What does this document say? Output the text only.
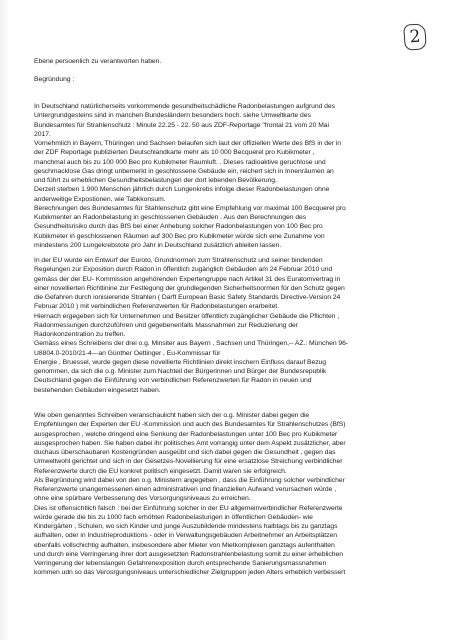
2
Ebene persoenlich zu verantworten haben.
Begründung :
In Deutschland natürlicherseits vorkommende gesundheitschädliche Radonbelastungen aufgrund des
Untergrundgesteins sind in manchen Bundesländern besonders hoch. siehe Umweltkarte des
Bundesamtes für Strahlenschutz : Minute 22.25 - 22. 50 aus ZDF-Reportage "frontal 21 vom 20 Mai
2017.
Vornehmlich in Bayern, Thüringen und Sachsen belaufen sich laut der offiziellen Werte des BfS in der in
der ZDF Reportage publizierten Deutschlandkarte mehr als 10 000 Becquerel pro Kubikmeter ,
manchmal auch bis zu 100 000 Bec pro Kubikmeter Raumluft. . Dieses radioaktive geruchlose und
geschmacklose Gas dringt unbemerkt in geschlossene Gebäude ein, reichert sich in Innenräumen an
und führt zu erheblichen Gesundheitsbelastungen der dort lebenden Bevölkerung.
Derzeit sterben 1.900 Menschen jährlich durch Lungenkrebs infolge dieser Radonbelastungen ohne
anderweitige Expostionen, wie Tabkkonsum.
Berechnungen des Bundesamtes für Stahlenschutz gibt eine Empfehlung vor maximal 100 Becquerel pro
Kubikmenter an Radonbelastung in geschlossenen Gebäuden . Aus den Berechnungen des
Gesundheitsrisiko durch das BfS bei einer Anhebung solcher Radonbelastungen von 100 Bec pro
Kubikmeter in geschlossenen Räumen auf 300 Bec pro Kubikmeter würde sich eine Zunahme von
mindestens 200 Lungekrebstote pro Jahr in Deutschland zusätzlich ableiten lassen.
In der EU wurde ein Entwurf der Euroto, Grundnormen zum Strahlenschutz und seiner bindenden
Regelungen zur Exposition durch Radon in öffentlich zugänglich Gebäuden am 24 Februar 2010 und
gemäss der der EU- Kommission angehörenden Expertengruppe nach Artikel 31 des Euratomvertrag in
einer novellierten Richtlinine zur Festlegung der grundlegenden Sicherheitsnormen für den Schutz gegen
die Gefahren durch ionisierende Strahlen ( Darft European Basic Safety Standards Directive-Version 24
Februar 2010 ) mit verbindlichen Referenzwerten für Radonbelastungen erarbeitet.
Hiernach ergegeben sich für Unternehmen und Besitzer öffentlich zugänglicher Gebäude die Pflichten ,
Radonmessungen durchzuführen und gegebenenfalls Massnahmen zur Reduzierung der
Radonkonzentration zu treffen.
Gemäss eines Schreibens der drei o.g. Minsiter aus Bayern , Sachsen und Thüringen,-- AZ.: München 96-
U8804.0-2010/21-4---an Günther Oettinger , Eu-Kommissar für
Energie , Bruessel, wurde gegen diese novellierte Richtlinien direkt inschern Einfluss darauf Bezug
genommen, da sich die o.g. Minister zum Nachteil der Bürgerinnen und Bürger der Bundesrepublik
Deutschland gegen die Einführung von verbindlichen Referenzwerten für Radon in neuen und
bestehenden Gebäuden eingesetzt haben.
Wie oben genanntes Schreiben veranschaulicht haben sich der o.g. Minister dabei gegen die
Empfehlungen der Experten der EU -Kommission und auch des Bundesamtes für Strahlenschutzes (BfS)
ausgesprochen , welche dringend eine Senkung der Radonbelastungen unter 100 Bec pro Kubikmeter
ausgesprochen haben. Sie haben dabei ihr politisches Amt vorrangig unter dem Aspekt zusätzlicher, aber
duchaus überschaubaren Kostengründen ausgeübt und sich dabei gegen die Gesundheit , gegen das
Umweltwohl gerichtet und sich in der Gesetzes-Novellierung für eine ersatzlose Streichung verbindlicher
Referenzwerte durch die EU konkret politisch eingesetzt. Damit waren sie erfolgreich.
Als Begründung wird dabei von den o.g. Ministern angegeben , dass die Einführung solcher verbindlicher
Referenzwerte unangemessenen einen administrativen und finanziellen Aufwand verursachen würde ,
ohne eine spürbare Verbesserung des Vorsorgungsniveaus zu erreichen.
Dies ist offensichtlich falsch : bei der Einführung solcher in der EU allgemeinverbindlicher Referenzwerte
würde gerade die bis zu 1000 fach erhöhten Radonbelastungen in öffentlichen Gebäuden- wie
Kindergärten , Schulen, wo sich Kinder und junge Auszubildende mindestens halbtags bis zu ganztags
aufhalten, oder in Industrieproduktions - oder in Verwaltungsgebäuden Arbeitnehmer an Arbeitsplätzen
ebenfalls vollschichtig aufhalten, insbesondere aber Mieter von Mietkomplexen ganztags aufenthalten
und durch eine Verringerung ihrer dort ausgesetzten Radonstrahlenbelastung somit zu einer erheblichen
Verringerung der lebenslangen Gefahrenexposition durch entsprechende Sanierungsmassnahmen
kommen udn so das Verosrgungsniveaus unterschiedlicher Zielgruppen jeden Alters erheblich verbessert
